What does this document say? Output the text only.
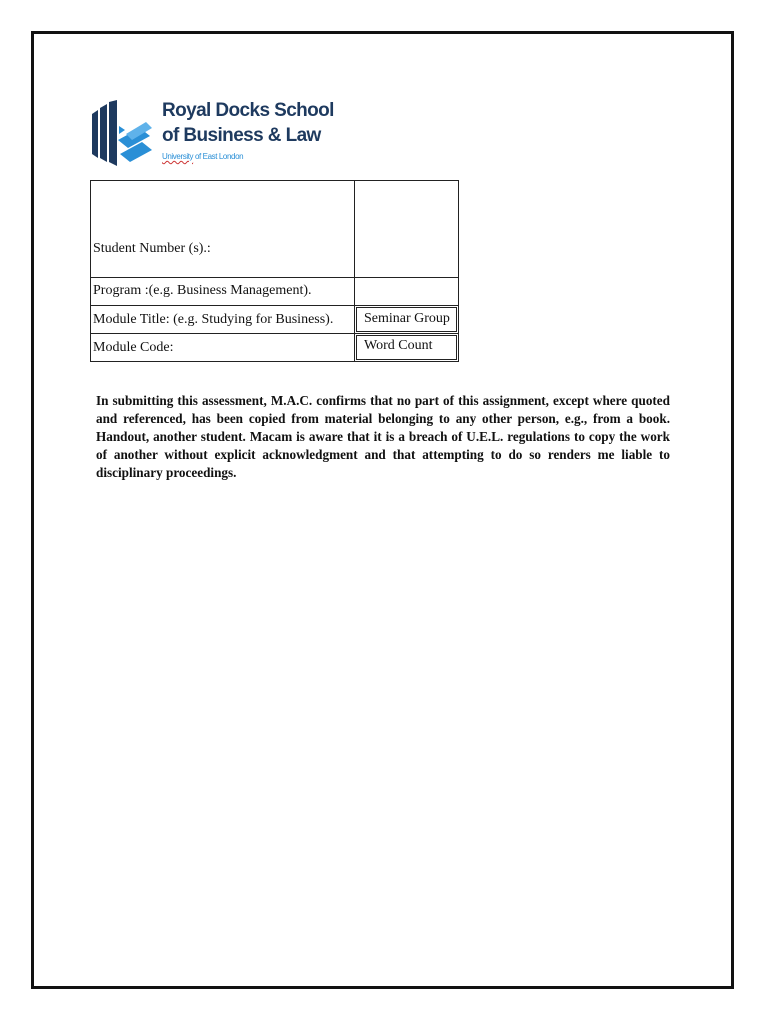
Royal Docks School
of Business & Law
University of East London
Student Number (s).:
Program :(e.g. Business Management).
Module Title: (e.g. Studying for Business). Seminar Group
Module Code:	Word Count

In submitting this assessment, M.A.C. confirms that no part of this assignment, except where quoted and referenced, has been copied from material belonging to any other person, e.g., from a book. Handout, another student. Macam is aware that it is a breach of U.E.L. regulations to copy the work of another without explicit acknowledgment and that attempting to do so renders me liable to disciplinary proceedings.
